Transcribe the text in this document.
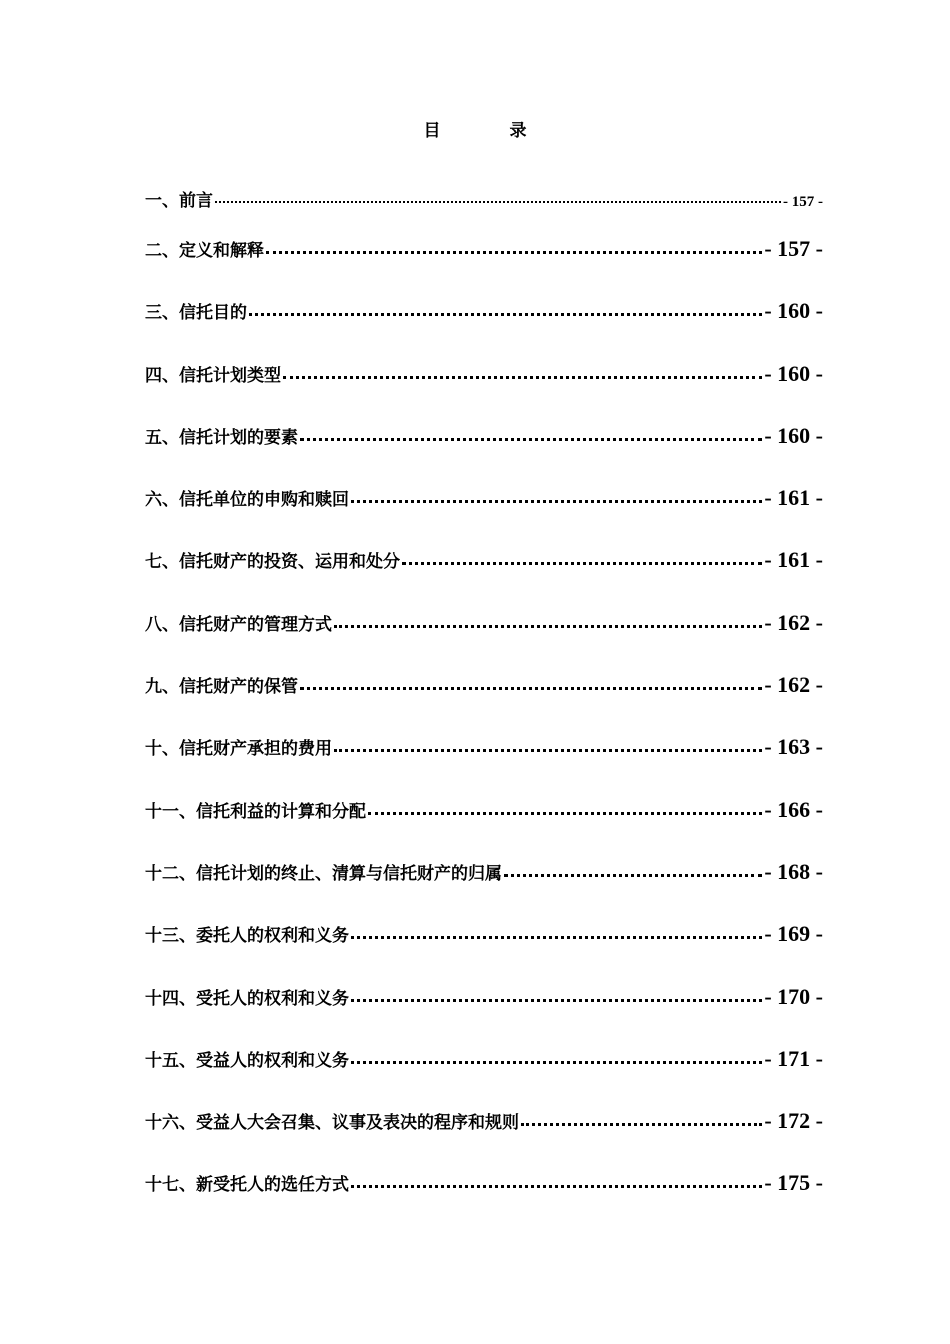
目　录
一、前言	- 157 -
二、定义和解释	- 157 -
三、信托目的	- 160 -
四、信托计划类型	- 160 -
五、信托计划的要素	- 160 -
六、信托单位的申购和赎回	- 161 -
七、信托财产的投资、运用和处分	- 161 -
八、信托财产的管理方式	- 162 -
九、信托财产的保管	- 162 -
十、信托财产承担的费用	- 163 -
十一、信托利益的计算和分配	- 166 -
十二、信托计划的终止、清算与信托财产的归属	- 168 -
十三、委托人的权利和义务	- 169 -
十四、受托人的权利和义务	- 170 -
十五、受益人的权利和义务	- 171 -
十六、受益人大会召集、议事及表决的程序和规则	- 172 -
十七、新受托人的选任方式	- 175 -
